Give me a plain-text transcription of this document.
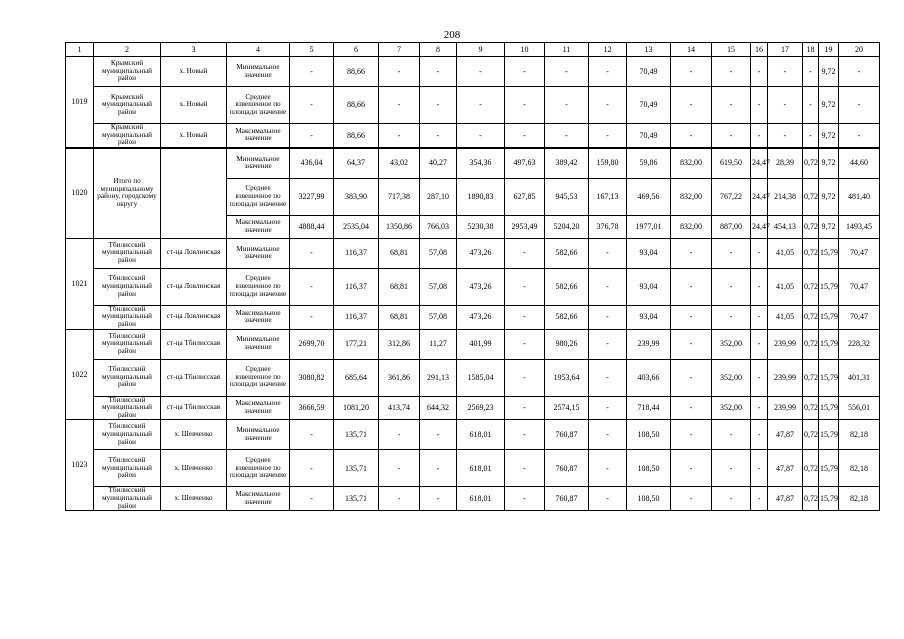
208
1	2	3	4	5	6	7	8	9	10	11	12	13	14	15	16	17	18	19	20
1019	Крымский муниципальный район	х. Новый	Минимальное значение	-	88,66	-	-	-	-	-	-	70,49	-	-	-	-	-	9,72	-
	Крымский муниципальный район	х. Новый	Среднее взвешенное по площади значение	-	88,66	-	-	-	-	-	-	70,49	-	-	-	-	-	9,72	-
	Крымский муниципальный район	х. Новый	Максимальное значение	-	88,66	-	-	-	-	-	-	70,49	-	-	-	-	-	9,72	-
1020	Итого по муниципальному району, городскому округу		Минимальное значение	436,04	64,37	43,02	40,27	354,36	497,63	389,42	159,80	59,86	832,00	619,50	24,47	28,39	0,72	9,72	44,60
			Среднее взвешенное по площади значение	3227,99	383,90	717,38	287,10	1890,83	627,85	945,53	167,13	469,56	832,00	767,22	24,47	214,38	0,72	9,72	481,40
			Максимальное значение	4888,44	2535,04	1350,86	766,03	5230,38	2953,49	5204,20	376,78	1977,01	832,00	887,00	24,47	454,13	0,72	9,72	1493,45
1021	Тбилисский муниципальный район	ст-ца Ловлинская	Минимальное значение	-	116,37	68,81	57,08	473,26	-	582,66	-	93,04	-	-	-	41,05	0,72	15,79	70,47
	Тбилисский муниципальный район	ст-ца Ловлинская	Среднее взвешенное по площади значение	-	116,37	68,81	57,08	473,26	-	582,66	-	93,04	-	-	-	41,05	0,72	15,79	70,47
	Тбилисский муниципальный район	ст-ца Ловлинская	Максимальное значение	-	116,37	68,81	57,08	473,26	-	582,66	-	93,04	-	-	-	41,05	0,72	15,79	70,47
1022	Тбилисский муниципальный район	ст-ца Тбилисская	Минимальное значение	2699,70	177,21	312,86	11,27	401,99	-	980,26	-	239,99	-	352,00	-	239,99	0,72	15,79	228,32
	Тбилисский муниципальный район	ст-ца Тбилисская	Среднее взвешенное по площади значение	3080,82	685,64	361,86	291,13	1585,04	-	1953,64	-	403,66	-	352,00	-	239,99	0,72	15,79	401,31
	Тбилисский муниципальный район	ст-ца Тбилисская	Максимальное значение	3666,59	1081,20	413,74	644,32	2569,23	-	2574,15	-	718,44	-	352,00	-	239,99	0,72	15,79	556,01
1023	Тбилисский муниципальный район	х. Шевченко	Минимальное значение	-	135,71	-	-	618,01	-	760,87	-	108,50	-	-	-	47,87	0,72	15,79	82,18
	Тбилисский муниципальный район	х. Шевченко	Среднее взвешенное по площади значение	-	135,71	-	-	618,01	-	760,87	-	108,50	-	-	-	47,87	0,72	15,79	82,18
	Тбилисский муниципальный район	х. Шевченко	Максимальное значение	-	135,71	-	-	618,01	-	760,87	-	108,50	-	-	-	47,87	0,72	15,79	82,18
